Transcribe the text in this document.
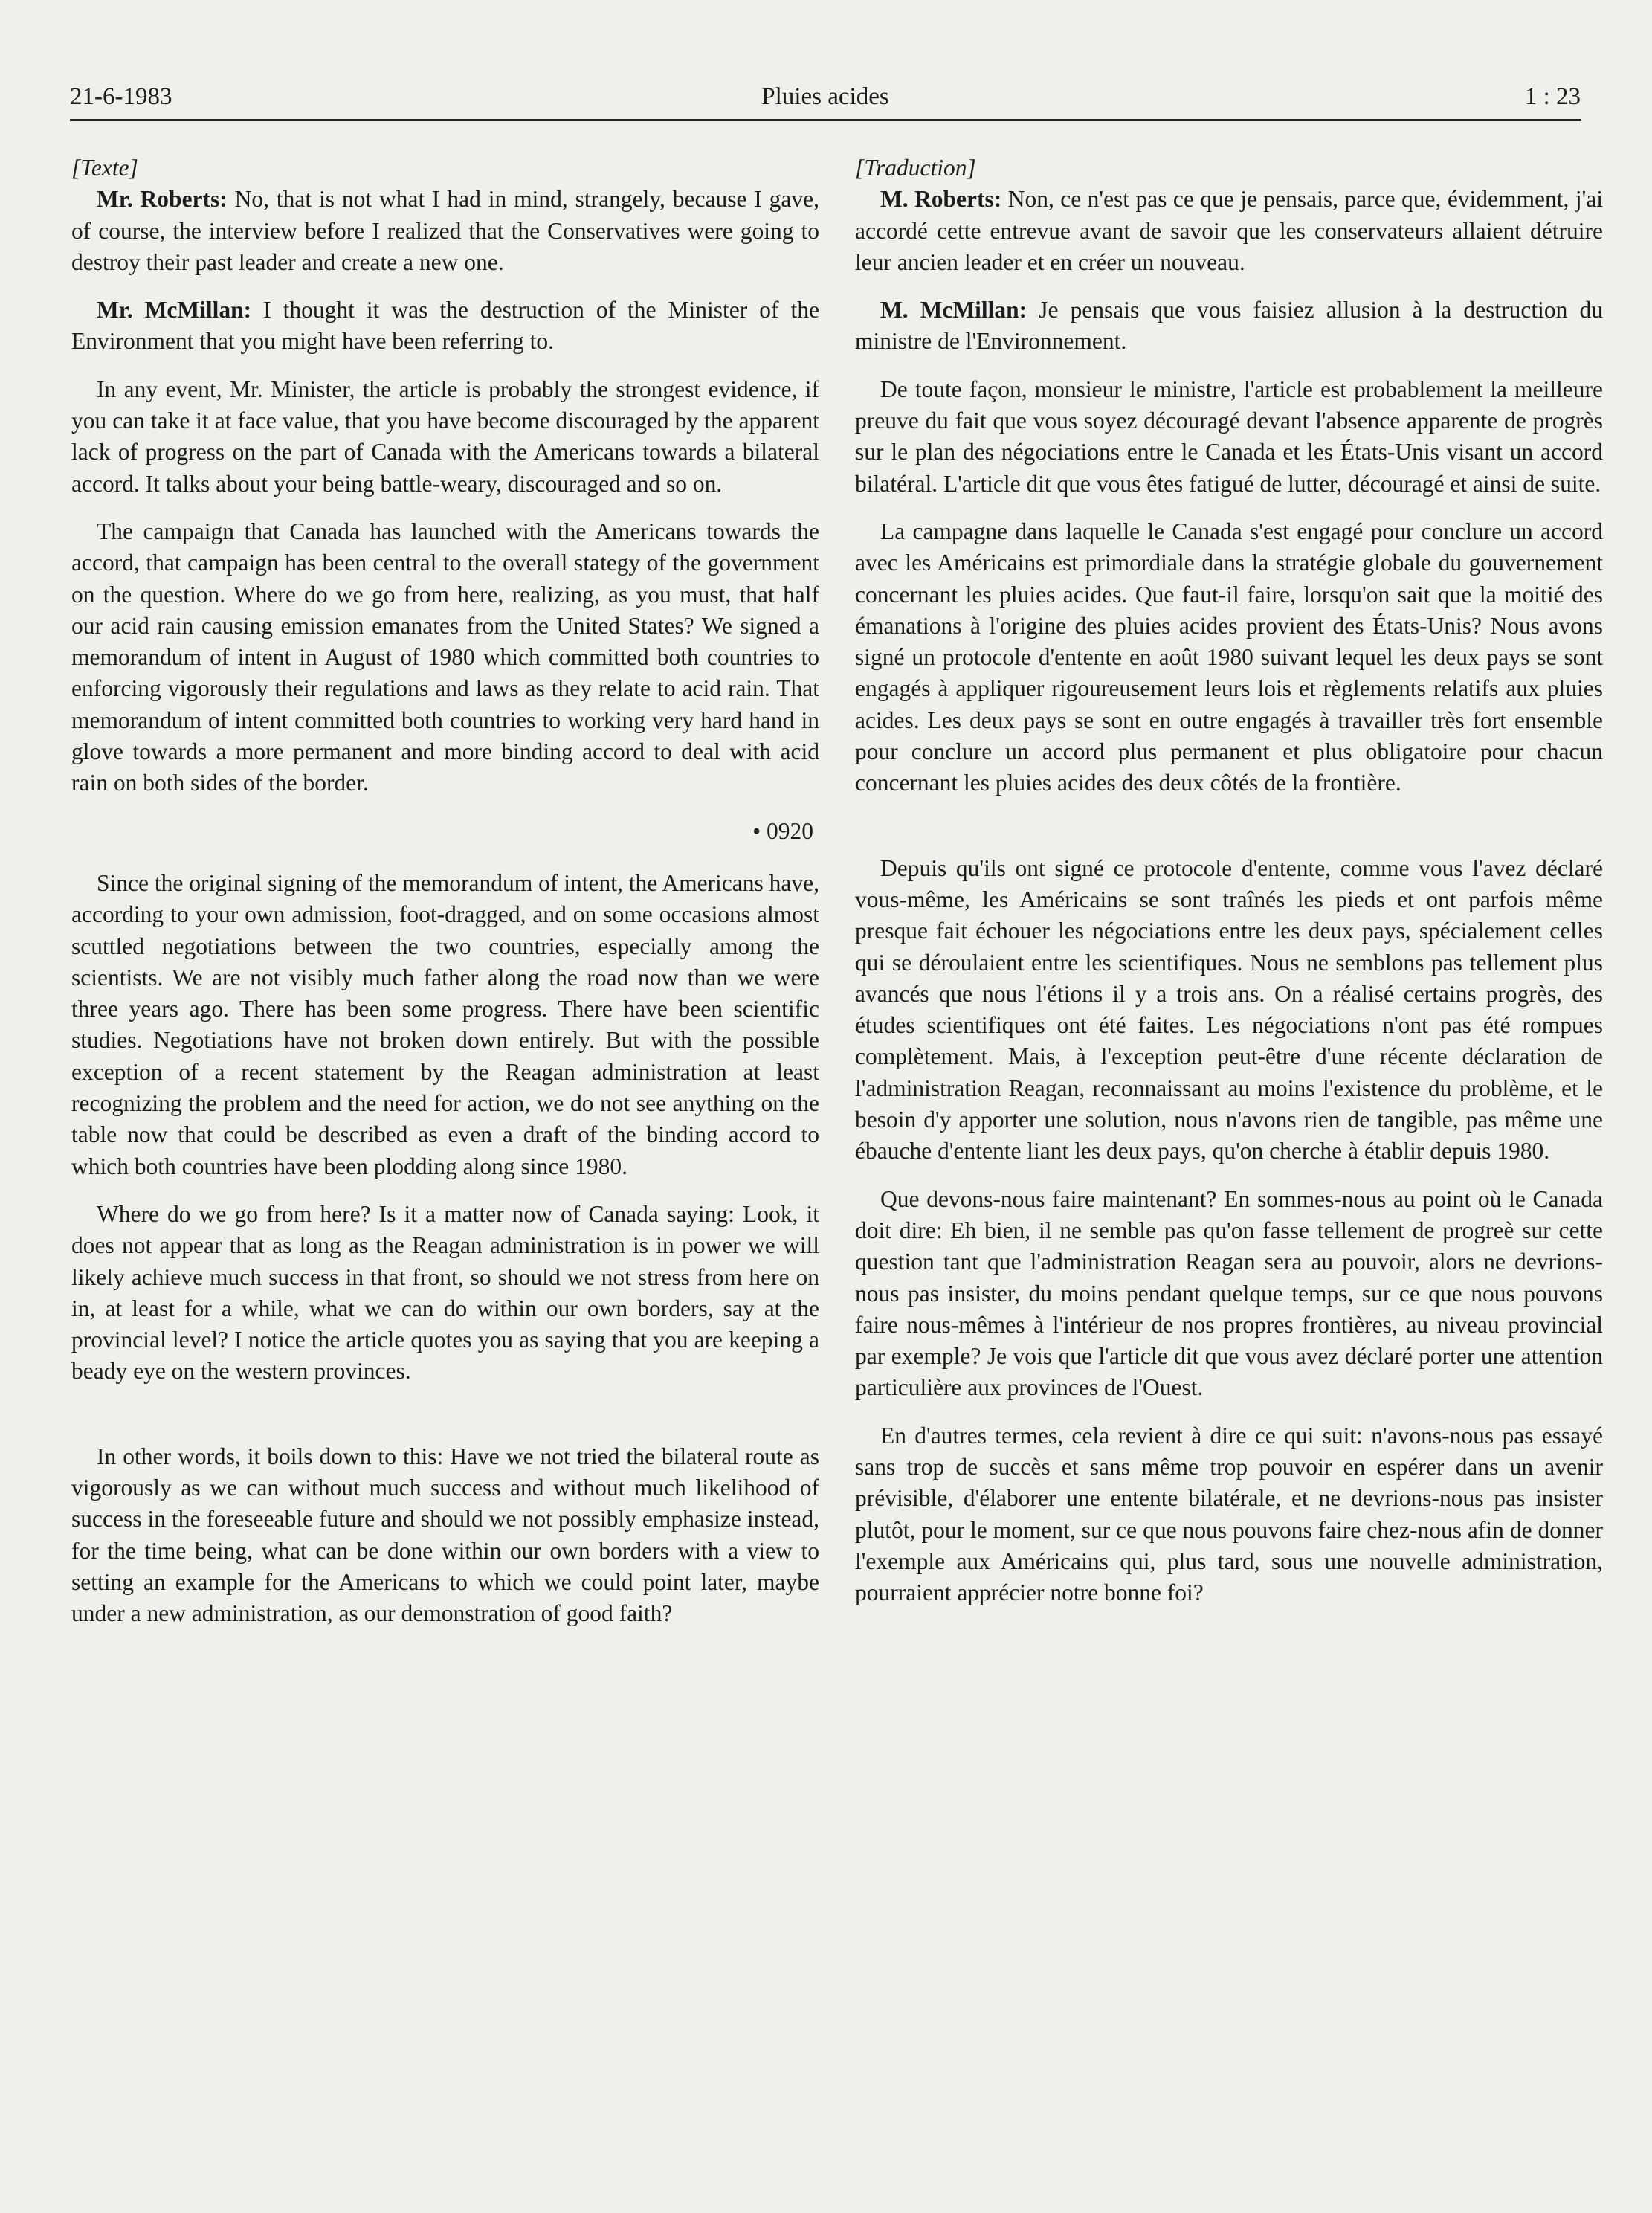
21-6-1983	Pluies acides	1 : 23
[Texte]

Mr. Roberts: No, that is not what I had in mind, strangely, because I gave, of course, the interview before I realized that the Conservatives were going to destroy their past leader and create a new one.

Mr. McMillan: I thought it was the destruction of the Minister of the Environment that you might have been referring to.

In any event, Mr. Minister, the article is probably the strongest evidence, if you can take it at face value, that you have become discouraged by the apparent lack of progress on the part of Canada with the Americans towards a bilateral accord. It talks about your being battle-weary, discouraged and so on.

The campaign that Canada has launched with the Americans towards the accord, that campaign has been central to the overall stategy of the government on the question. Where do we go from here, realizing, as you must, that half our acid rain causing emission emanates from the United States? We signed a memorandum of intent in August of 1980 which committed both countries to enforcing vigorously their regulations and laws as they relate to acid rain. That memorandum of intent committed both countries to working very hard hand in glove towards a more permanent and more binding accord to deal with acid rain on both sides of the border.

• 0920

Since the original signing of the memorandum of intent, the Americans have, according to your own admission, foot-dragged, and on some occasions almost scuttled negotiations between the two countries, especially among the scientists. We are not visibly much father along the road now than we were three years ago. There has been some progress. There have been scientific studies. Negotiations have not broken down entirely. But with the possible exception of a recent statement by the Reagan administration at least recognizing the problem and the need for action, we do not see anything on the table now that could be described as even a draft of the binding accord to which both countries have been plodding along since 1980.

Where do we go from here? Is it a matter now of Canada saying: Look, it does not appear that as long as the Reagan administration is in power we will likely achieve much success in that front, so should we not stress from here on in, at least for a while, what we can do within our own borders, say at the provincial level? I notice the article quotes you as saying that you are keeping a beady eye on the western provinces.

In other words, it boils down to this: Have we not tried the bilateral route as vigorously as we can without much success and without much likelihood of success in the foreseeable future and should we not possibly emphasize instead, for the time being, what can be done within our own borders with a view to setting an example for the Americans to which we could point later, maybe under a new administration, as our demonstration of good faith?

[Traduction]

M. Roberts: Non, ce n'est pas ce que je pensais, parce que, évidemment, j'ai accordé cette entrevue avant de savoir que les conservateurs allaient détruire leur ancien leader et en créer un nouveau.

M. McMillan: Je pensais que vous faisiez allusion à la destruction du ministre de l'Environnement.

De toute façon, monsieur le ministre, l'article est probablement la meilleure preuve du fait que vous soyez découragé devant l'absence apparente de progrès sur le plan des négociations entre le Canada et les États-Unis visant un accord bilatéral. L'article dit que vous êtes fatigué de lutter, découragé et ainsi de suite.

La campagne dans laquelle le Canada s'est engagé pour conclure un accord avec les Américains est primordiale dans la stratégie globale du gouvernement concernant les pluies acides. Que faut-il faire, lorsqu'on sait que la moitié des émanations à l'origine des pluies acides provient des États-Unis? Nous avons signé un protocole d'entente en août 1980 suivant lequel les deux pays se sont engagés à appliquer rigoureusement leurs lois et règlements relatifs aux pluies acides. Les deux pays se sont en outre engagés à travailler très fort ensemble pour conclure un accord plus permanent et plus obligatoire pour chacun concernant les pluies acides des deux côtés de la frontière.

Depuis qu'ils ont signé ce protocole d'entente, comme vous l'avez déclaré vous-même, les Américains se sont traînés les pieds et ont parfois même presque fait échouer les négociations entre les deux pays, spécialement celles qui se déroulaient entre les scientifiques. Nous ne semblons pas tellement plus avancés que nous l'étions il y a trois ans. On a réalisé certains progrès, des études scientifiques ont été faites. Les négociations n'ont pas été rompues complètement. Mais, à l'exception peut-être d'une récente déclaration de l'administration Reagan, reconnaissant au moins l'existence du problème, et le besoin d'y apporter une solution, nous n'avons rien de tangible, pas même une ébauche d'entente liant les deux pays, qu'on cherche à établir depuis 1980.

Que devons-nous faire maintenant? En sommes-nous au point où le Canada doit dire: Eh bien, il ne semble pas qu'on fasse tellement de progreè sur cette question tant que l'administration Reagan sera au pouvoir, alors ne devrions-nous pas insister, du moins pendant quelque temps, sur ce que nous pouvons faire nous-mêmes à l'intérieur de nos propres frontières, au niveau provincial par exemple? Je vois que l'article dit que vous avez déclaré porter une attention particulière aux provinces de l'Ouest.

En d'autres termes, cela revient à dire ce qui suit: n'avons-nous pas essayé sans trop de succès et sans même trop pouvoir en espérer dans un avenir prévisible, d'élaborer une entente bilatérale, et ne devrions-nous pas insister plutôt, pour le moment, sur ce que nous pouvons faire chez-nous afin de donner l'exemple aux Américains qui, plus tard, sous une nouvelle administration, pourraient apprécier notre bonne foi?
